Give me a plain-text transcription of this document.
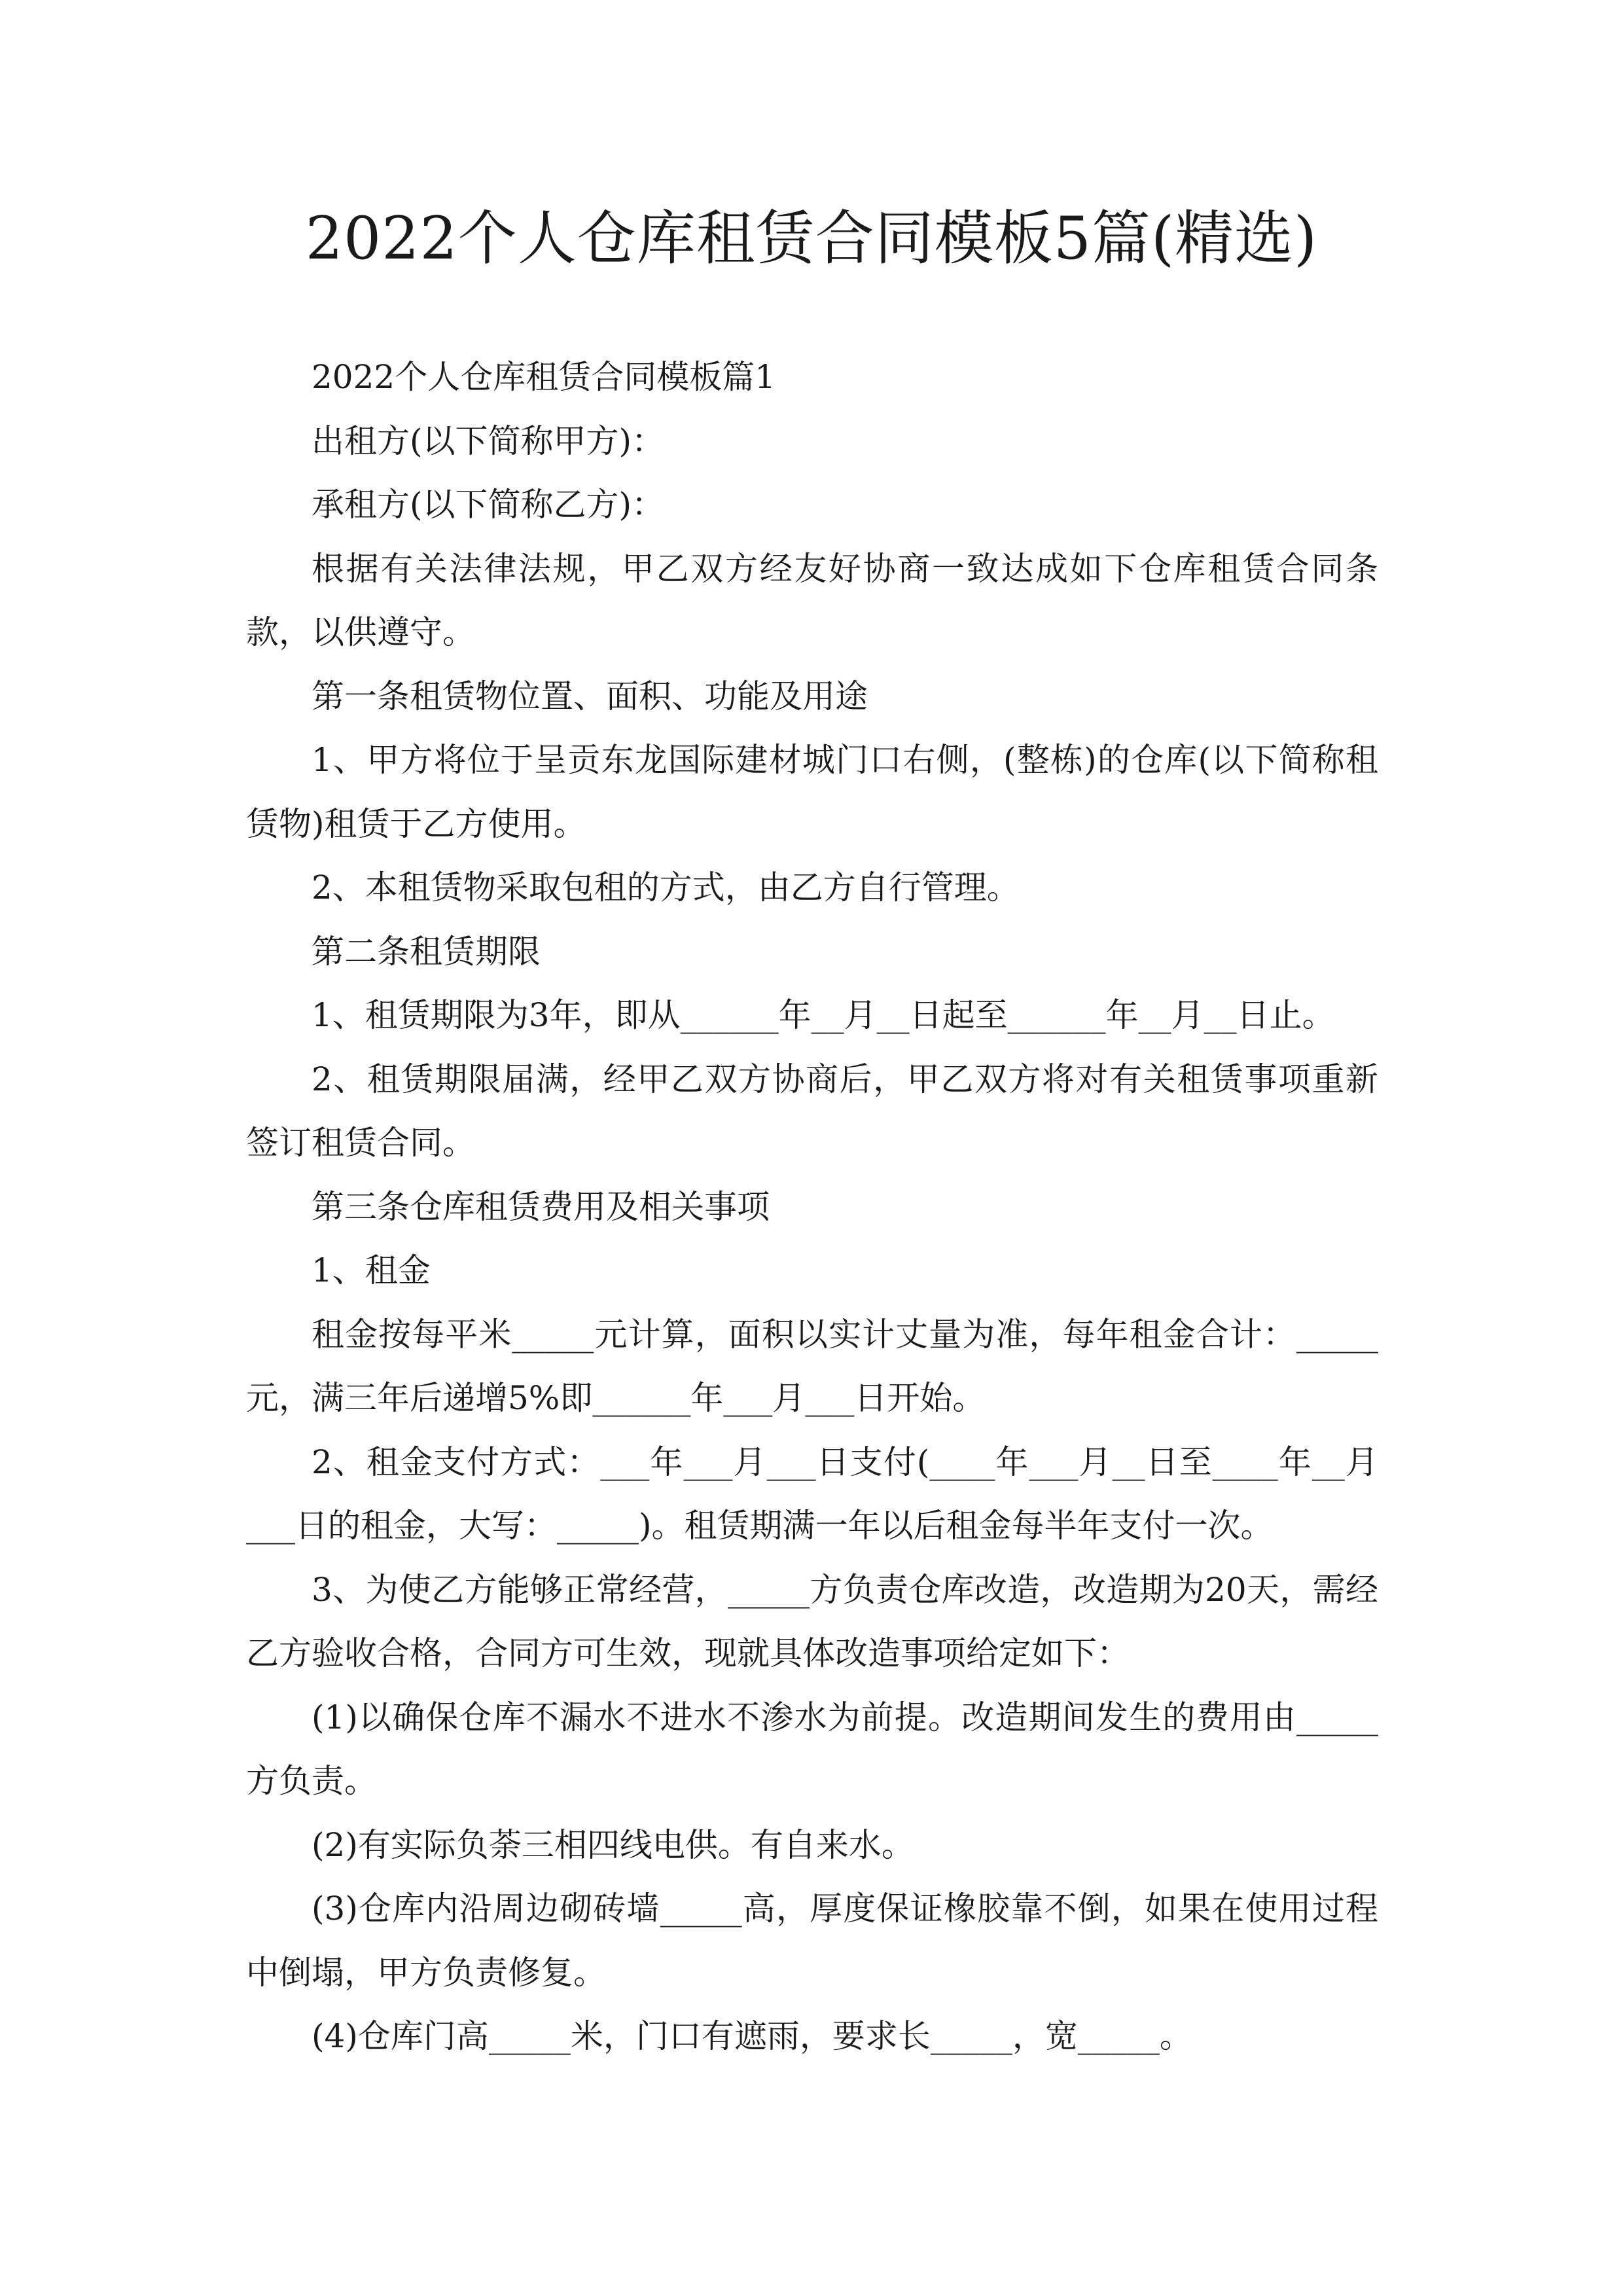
2022个人仓库租赁合同模板5篇(精选)

2022个人仓库租赁合同模板篇1

出租方(以下简称甲方)：

承租方(以下简称乙方)：

根据有关法律法规，甲乙双方经友好协商一致达成如下仓库租赁合同条款，以供遵守。

第一条租赁物位置、面积、功能及用途

1、甲方将位于呈贡东龙国际建材城门口右侧，(整栋)的仓库(以下简称租赁物)租赁于乙方使用。

2、本租赁物采取包租的方式，由乙方自行管理。

第二条租赁期限

1、租赁期限为3年，即从______年__月__日起至______年__月__日止。

2、租赁期限届满，经甲乙双方协商后，甲乙双方将对有关租赁事项重新签订租赁合同。

第三条仓库租赁费用及相关事项

1、租金

租金按每平米_____元计算，面积以实计丈量为准，每年租金合计：_____元，满三年后递增5%即______年___月___日开始。

2、租金支付方式：___年___月___日支付(____年___月__日至____年__月___日的租金，大写：_____)。租赁期满一年以后租金每半年支付一次。

3、为使乙方能够正常经营，_____方负责仓库改造，改造期为20天，需经乙方验收合格，合同方可生效，现就具体改造事项给定如下：

(1)以确保仓库不漏水不进水不渗水为前提。改造期间发生的费用由_____方负责。

(2)有实际负荼三相四线电供。有自来水。

(3)仓库内沿周边砌砖墙_____高，厚度保证橡胶靠不倒，如果在使用过程中倒塌，甲方负责修复。

(4)仓库门高_____米，门口有遮雨，要求长_____，宽_____。
